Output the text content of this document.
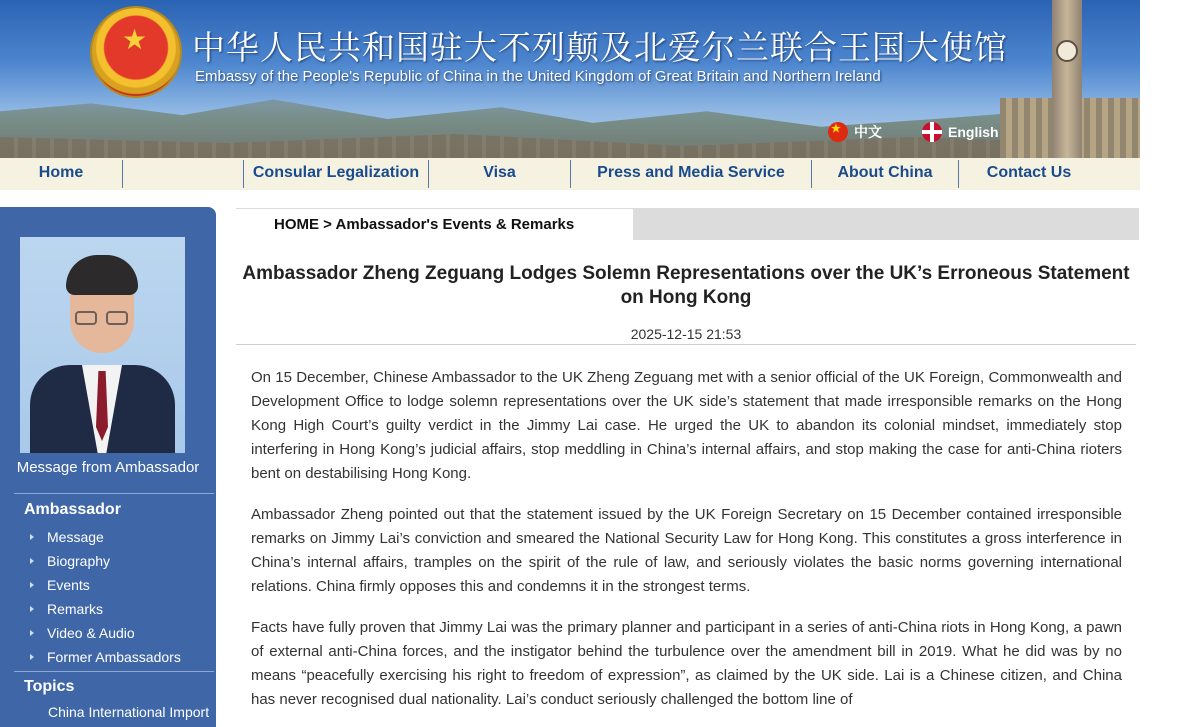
★ 中华人民共和国驻大不列颠及北爱尔兰联合王国大使馆
Embassy of the People's Republic of China in the United Kingdom of Great Britain and Northern Ireland
★
中文	English
Home	Consular Legalization	Visa	Press and Media Service	About China	Contact Us
Message from Ambassador
Ambassador
Message
Biography
Events
Remarks
Video & Audio
Former Ambassadors
Topics
China International Import
HOME > Ambassador's Events & Remarks
Ambassador Zheng Zeguang Lodges Solemn Representations over the UK’s Erroneous Statement on Hong Kong
2025-12-15 21:53

On 15 December, Chinese Ambassador to the UK Zheng Zeguang met with a senior official of the UK Foreign, Commonwealth and Development Office to lodge solemn representations over the UK side’s statement that made irresponsible remarks on the Hong Kong High Court’s guilty verdict in the Jimmy Lai case. He urged the UK to abandon its colonial mindset, immediately stop interfering in Hong Kong’s judicial affairs, stop meddling in China’s internal affairs, and stop making the case for anti-China rioters bent on destabilising Hong Kong.

Ambassador Zheng pointed out that the statement issued by the UK Foreign Secretary on 15 December contained irresponsible remarks on Jimmy Lai’s conviction and smeared the National Security Law for Hong Kong. This constitutes a gross interference in China’s internal affairs, tramples on the spirit of the rule of law, and seriously violates the basic norms governing international relations. China firmly opposes this and condemns it in the strongest terms.

Facts have fully proven that Jimmy Lai was the primary planner and participant in a series of anti-China riots in Hong Kong, a pawn of external anti-China forces, and the instigator behind the turbulence over the amendment bill in 2019. What he did was by no means “peacefully exercising his right to freedom of expression”, as claimed by the UK side. Lai is a Chinese citizen, and China has never recognised dual nationality. Lai’s conduct seriously challenged the bottom line of
